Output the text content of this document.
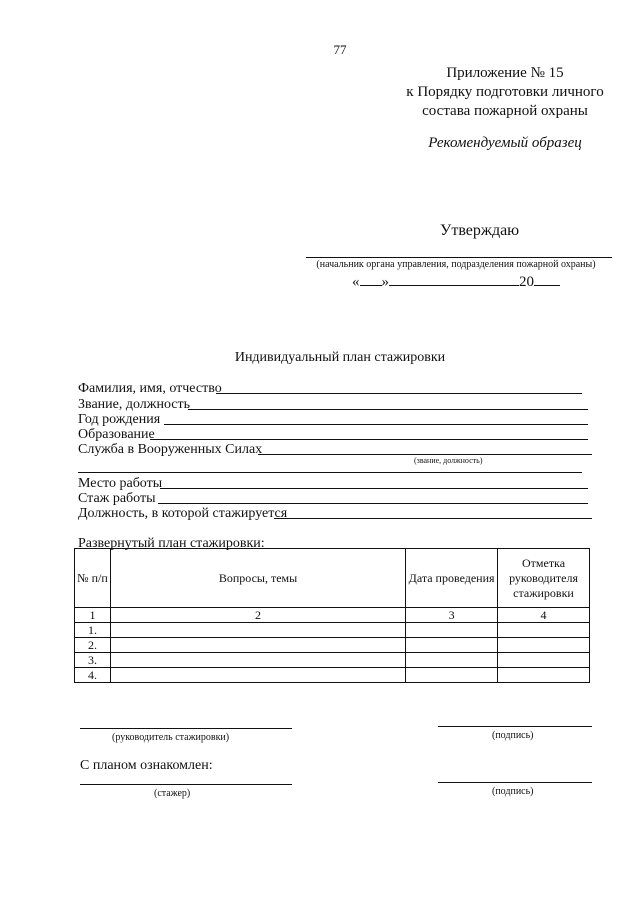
77
Приложение № 15
к Порядку подготовки личного
состава пожарной охраны
Рекомендуемый образец
Утверждаю
(начальник органа управления, подразделения пожарной охраны)
« »	20
Индивидуальный план стажировки
Фамилия, имя, отчество
Звание, должность
Год рождения
Образование
Служба в Вооруженных Силах
(звание, должность)
Место работы
Стаж работы
Должность, в которой стажируется
Развернутый план стажировки:
№ п/п	Вопросы, темы	Дата проведения	Отметка руководителя стажировки
1	2	3	4
1.			
2.			
3.			
4.			
(руководитель стажировки)	(подпись)
С планом ознакомлен:
(стажер)	(подпись)
